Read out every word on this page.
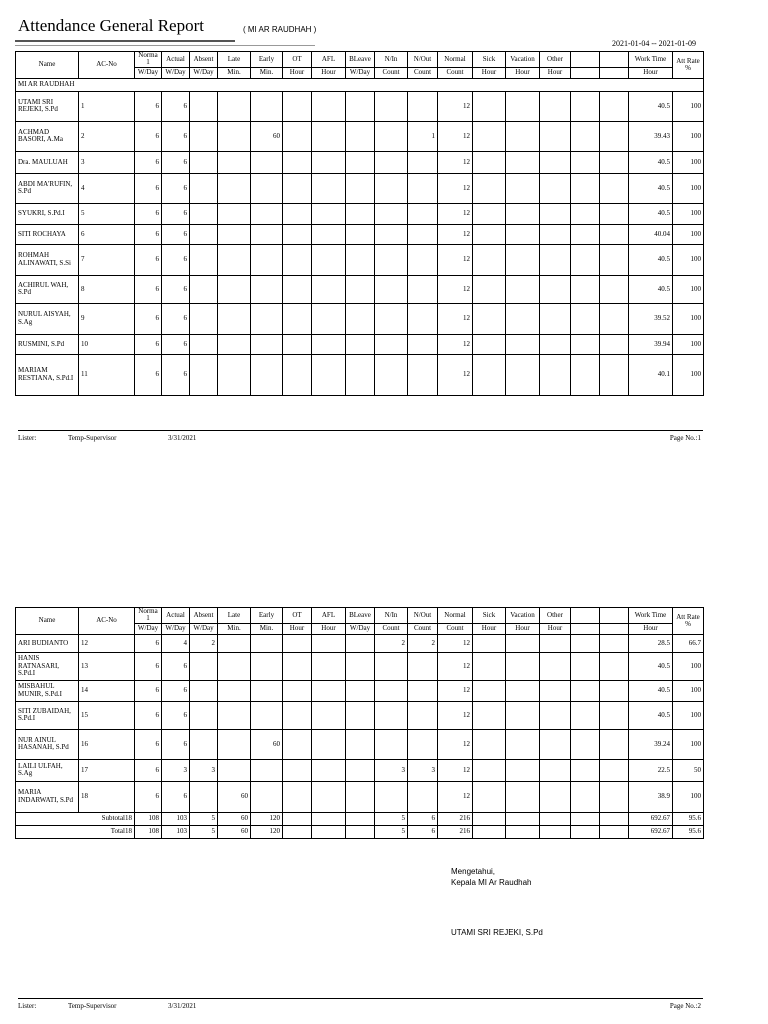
Attendance General Report	( MI AR RAUDHAH )
2021-01-04 -- 2021-01-09
Name	AC-No	Norma 1	Actual	Absent	Late	Early	OT	AFL	BLeave	N/In	N/Out	Normal	Sick	Vacation	Other			Work Time	Att Rate %
		W/Day	W/Day	W/Day	Min.	Min.	Hour	Hour	W/Day	Count	Count	Count	Hour	Hour	Hour			Hour	
MI AR RAUDHAH																			
UTAMI SRI REJEKI, S.Pd	1	6	6									12						40.5	100
ACHMAD BASORI, A.Ma	2	6	6			60					1	12						39.43	100
Dra. MAULUAH	3	6	6									12						40.5	100
ABDI MA'RUFIN, S.Pd	4	6	6									12						40.5	100
SYUKRI, S.Pd.I	5	6	6									12						40.5	100
SITI ROCHAYA	6	6	6									12						40.04	100
ROHMAH ALINAWATI, S.Si	7	6	6									12						40.5	100
ACHIRUL WAH, S.Pd	8	6	6									12						40.5	100
NURUL AISYAH, S.Ag	9	6	6									12						39.52	100
RUSMINI, S.Pd	10	6	6									12						39.94	100
MARIAM RESTIANA, S.Pd.I	11	6	6									12						40.1	100
Lister:	Temp-Supervisor	3/31/2021	Page No.:1
Name	AC-No	Norma 1	Actual	Absent	Late	Early	OT	AFL	BLeave	N/In	N/Out	Normal	Sick	Vacation	Other			Work Time	Att Rate %
		W/Day	W/Day	W/Day	Min.	Min.	Hour	Hour	W/Day	Count	Count	Count	Hour	Hour	Hour			Hour	
ARI BUDIANTO	12	6	4	2						2	2	12						28.5	66.7
HANIS RATNASARI, S.Pd.I	13	6	6									12						40.5	100
MISBAHUL MUNIR, S.Pd.I	14	6	6									12						40.5	100
SITI ZUBAIDAH, S.Pd.I	15	6	6									12						40.5	100
NUR AINUL HASANAH, S.Pd	16	6	6			60						12						39.24	100
LAILI ULFAH, S.Ag	17	6	3	3						3	3	12						22.5	50
MARIA INDARWATI, S.Pd	18	6	6		60							12						38.9	100
Subtotal18		108	103	5	60	120				5	6	216						692.67	95.6
Total18		108	103	5	60	120				5	6	216						692.67	95.6
Mengetahui,
Kepala MI Ar Raudhah
UTAMI SRI REJEKI, S.Pd
Lister:	Temp-Supervisor	3/31/2021	Page No.:2
